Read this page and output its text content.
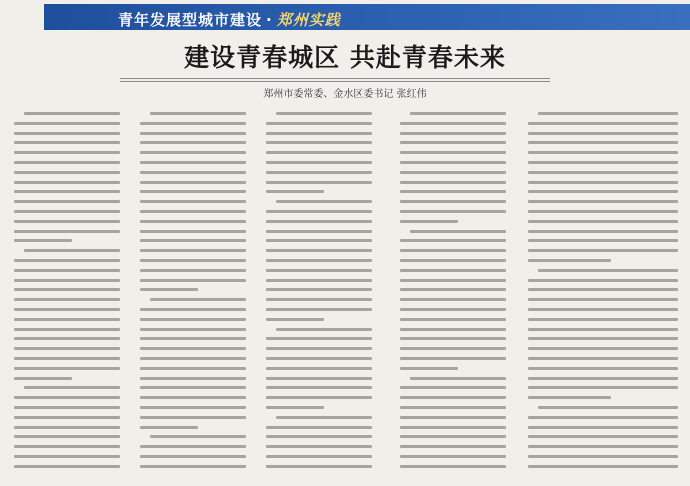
青年发展型城市建设 · 郑州实践
建设青春城区 共赴青春未来
郑州市委常委、金水区委书记 张红伟
